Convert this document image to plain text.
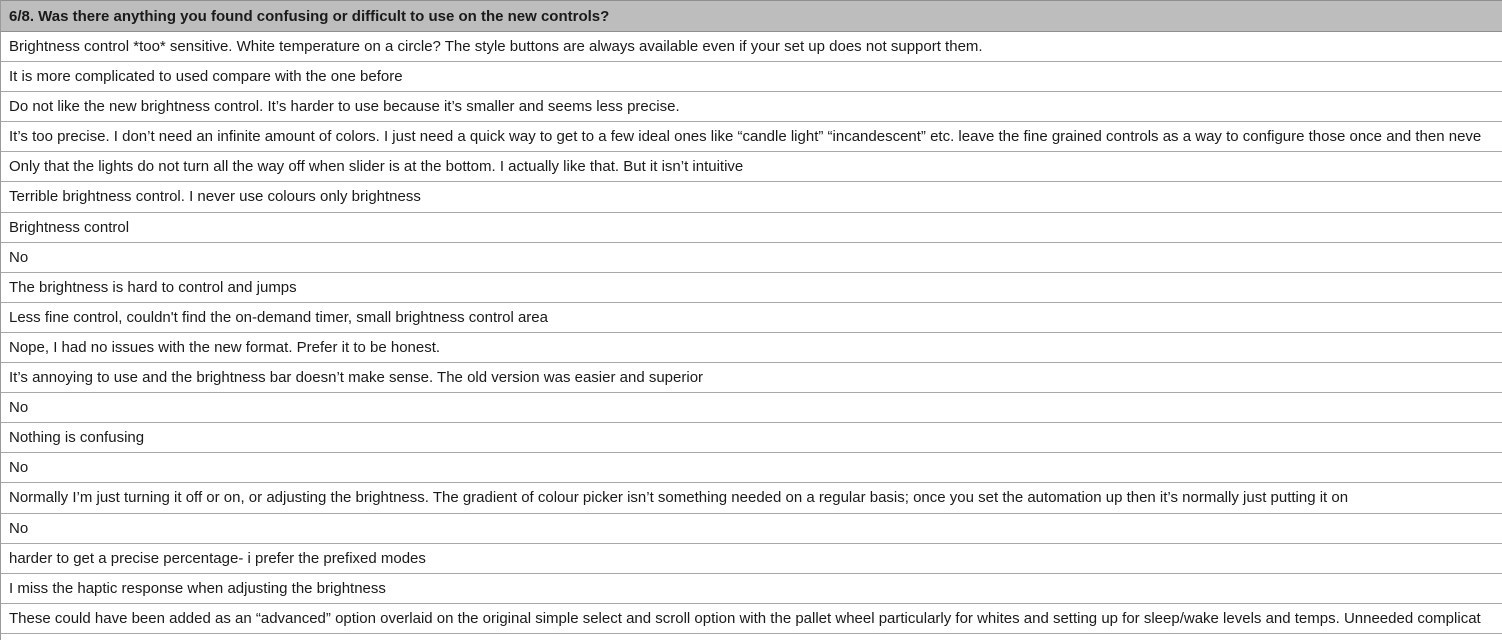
6/8. Was there anything you found confusing or difficult to use on the new controls?
Brightness control *too* sensitive. White temperature on a circle? The style buttons are always available even if your set up does not support them.
It is more complicated to used compare with the one before
Do not like the new brightness control. It’s harder to use because it’s smaller and seems less precise.
It’s too precise. I don’t need an infinite amount of colors. I just need a quick way to get to a few ideal ones like “candle light” “incandescent” etc. leave the fine grained controls as a way to configure those once and then neve
Only that the lights do not turn all the way off when slider is at the bottom. I actually like that. But it isn’t intuitive
Terrible brightness control. I never use colours only brightness
Brightness control
No
The brightness is hard to control and jumps
Less fine control, couldn't find the on-demand timer, small brightness control area
Nope, I had no issues with the new format. Prefer it to be honest.
It’s annoying to use and the brightness bar doesn’t make sense. The old version was easier and superior
No
Nothing is confusing
No
Normally I’m just turning it off or on, or adjusting the brightness. The gradient of colour picker isn’t something needed on a regular basis; once you set the automation up then it’s normally just putting it on
No
harder to get a precise percentage- i prefer the prefixed modes
I miss the haptic response when adjusting the brightness
These could have been added as an “advanced” option overlaid on the original simple select and scroll option with the pallet wheel particularly for whites and setting up for sleep/wake levels and temps. Unneeded complicat
